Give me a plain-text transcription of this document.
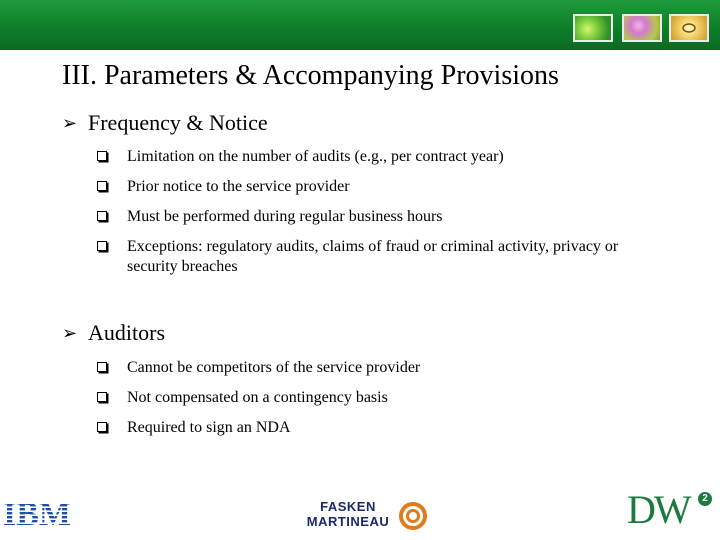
III. Parameters & Accompanying Provisions
➢ Frequency & Notice
Limitation on the number of audits (e.g., per contract year)
Prior notice to the service provider
Must be performed during regular business hours
Exceptions: regulatory audits, claims of fraud or criminal activity, privacy or security breaches
➢ Auditors
Cannot be competitors of the service provider
Not compensated on a contingency basis
Required to sign an NDA
IBM	FASKEN
MARTINEAU	DW	2
